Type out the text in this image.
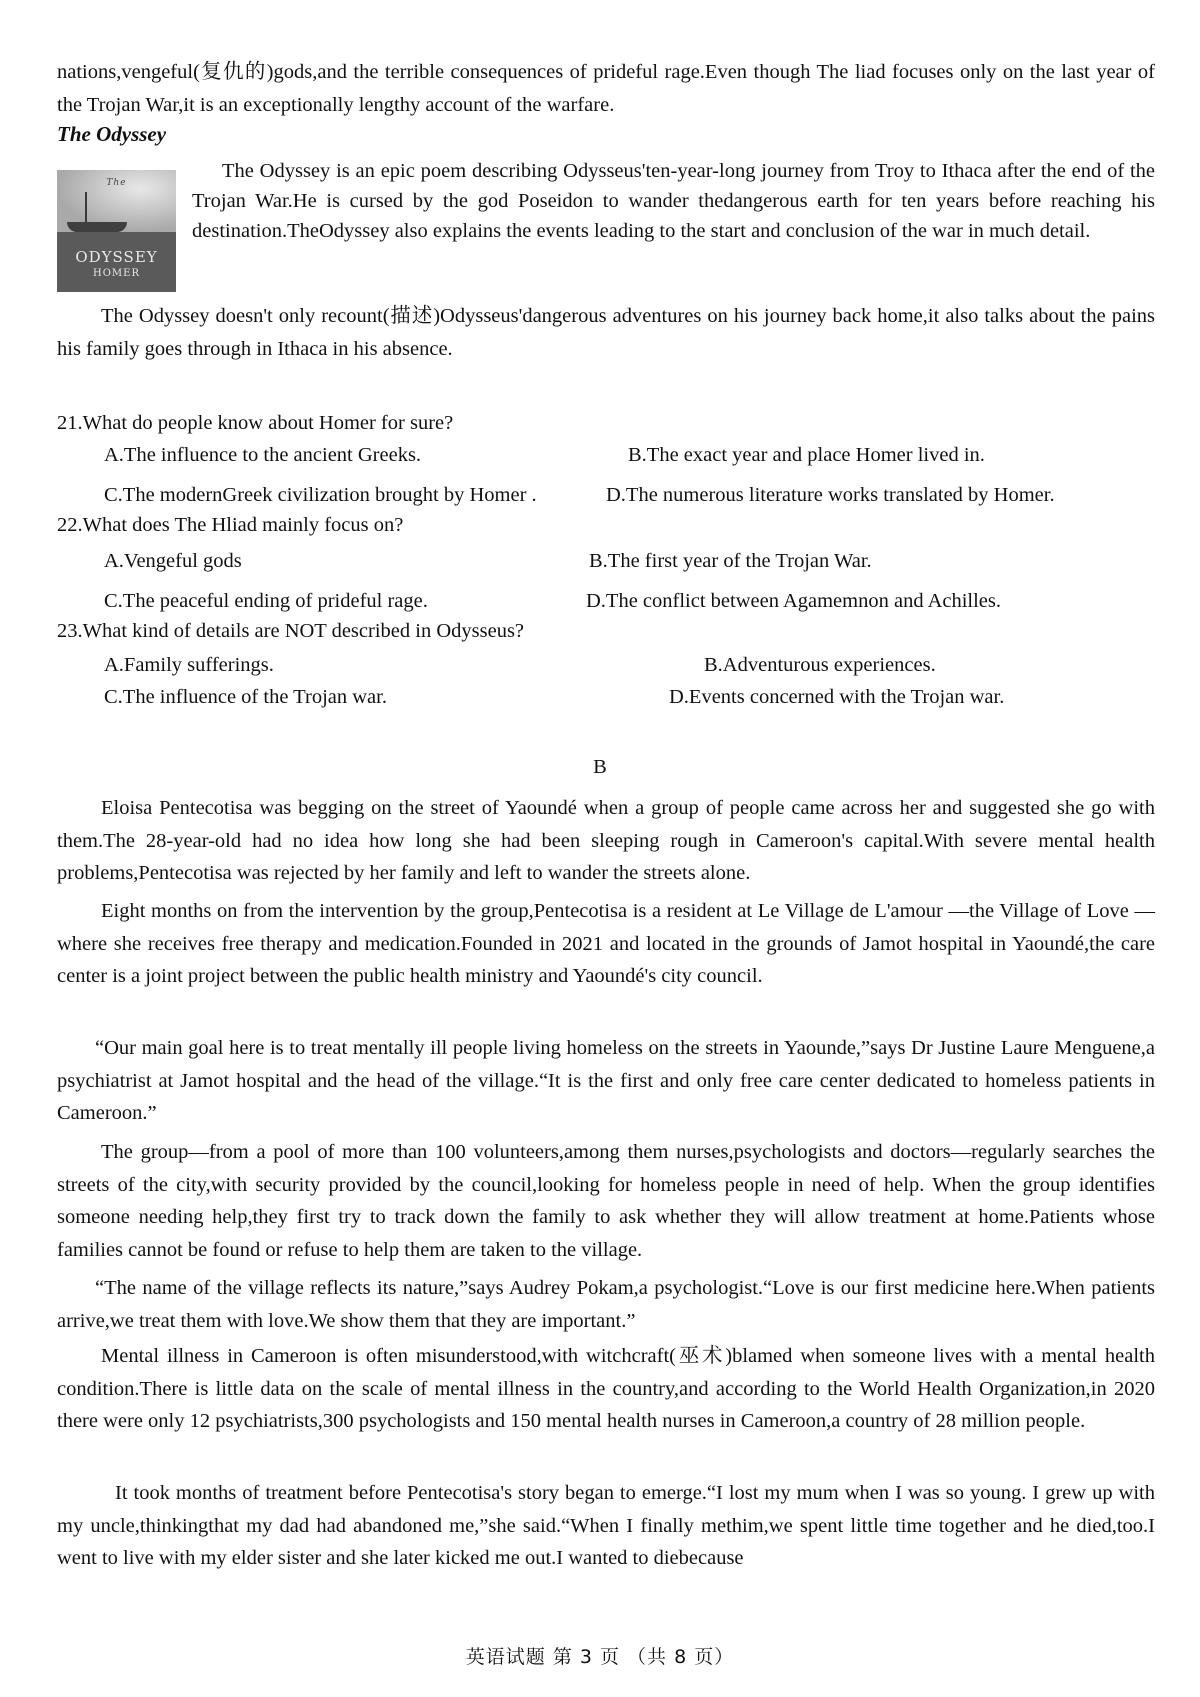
nations,vengeful(复仇的)gods,and the terrible consequences of prideful rage.Even though The liad focuses only on the last year of the Trojan War,it is an exceptionally lengthy account of the warfare.
The Odyssey
The
ODYSSEY
HOMER
The Odyssey is an epic poem describing Odysseus'ten-year-long journey from Troy to Ithaca after the end of the Trojan War.He is cursed by the god Poseidon to wander thedangerous earth for ten years before reaching his destination.TheOdyssey also explains the events leading to the start and conclusion of the war in much detail.
The Odyssey doesn't only recount(描述)Odysseus'dangerous adventures on his journey back home,it also talks about the pains his family goes through in Ithaca in his absence.
21.What do people know about Homer for sure?
A.The influence to the ancient Greeks.	B.The exact year and place Homer lived in.
C.The modernGreek civilization brought by Homer .	D.The numerous literature works translated by Homer.
22.What does The Hliad mainly focus on?
A.Vengeful gods	B.The first year of the Trojan War.
C.The peaceful ending of prideful rage.	D.The conflict between Agamemnon and Achilles.
23.What kind of details are NOT described in Odysseus?
A.Family sufferings.	B.Adventurous experiences.
C.The influence of the Trojan war.	D.Events concerned with the Trojan war.
B
Eloisa Pentecotisa was begging on the street of Yaoundé when a group of people came across her and suggested she go with them.The 28-year-old had no idea how long she had been sleeping rough in Cameroon's capital.With severe mental health problems,Pentecotisa was rejected by her family and left to wander the streets alone.
Eight months on from the intervention by the group,Pentecotisa is a resident at Le Village de L'amour —the Village of Love —where she receives free therapy and medication.Founded in 2021 and located in the grounds of Jamot hospital in Yaoundé,the care center is a joint project between the public health ministry and Yaoundé's city council.
“Our main goal here is to treat mentally ill people living homeless on the streets in Yaounde,”says Dr Justine Laure Menguene,a psychiatrist at Jamot hospital and the head of the village.“It is the first and only free care center dedicated to homeless patients in Cameroon.”
The group—from a pool of more than 100 volunteers,among them nurses,psychologists and doctors—regularly searches the streets of the city,with security provided by the council,looking for homeless people in need of help. When the group identifies someone needing help,they first try to track down the family to ask whether they will allow treatment at home.Patients whose families cannot be found or refuse to help them are taken to the village.
“The name of the village reflects its nature,”says Audrey Pokam,a psychologist.“Love is our first medicine here.When patients arrive,we treat them with love.We show them that they are important.”
Mental illness in Cameroon is often misunderstood,with witchcraft(巫术)blamed when someone lives with a mental health condition.There is little data on the scale of mental illness in the country,and according to the World Health Organization,in 2020 there were only 12 psychiatrists,300 psychologists and 150 mental health nurses in Cameroon,a country of 28 million people.
It took months of treatment before Pentecotisa's story began to emerge.“I lost my mum when I was so young. I grew up with my uncle,thinkingthat my dad had abandoned me,”she said.“When I finally methim,we spent little time together and he died,too.I went to live with my elder sister and she later kicked me out.I wanted to diebecause
英语试题 第 3 页 （共 8 页）
